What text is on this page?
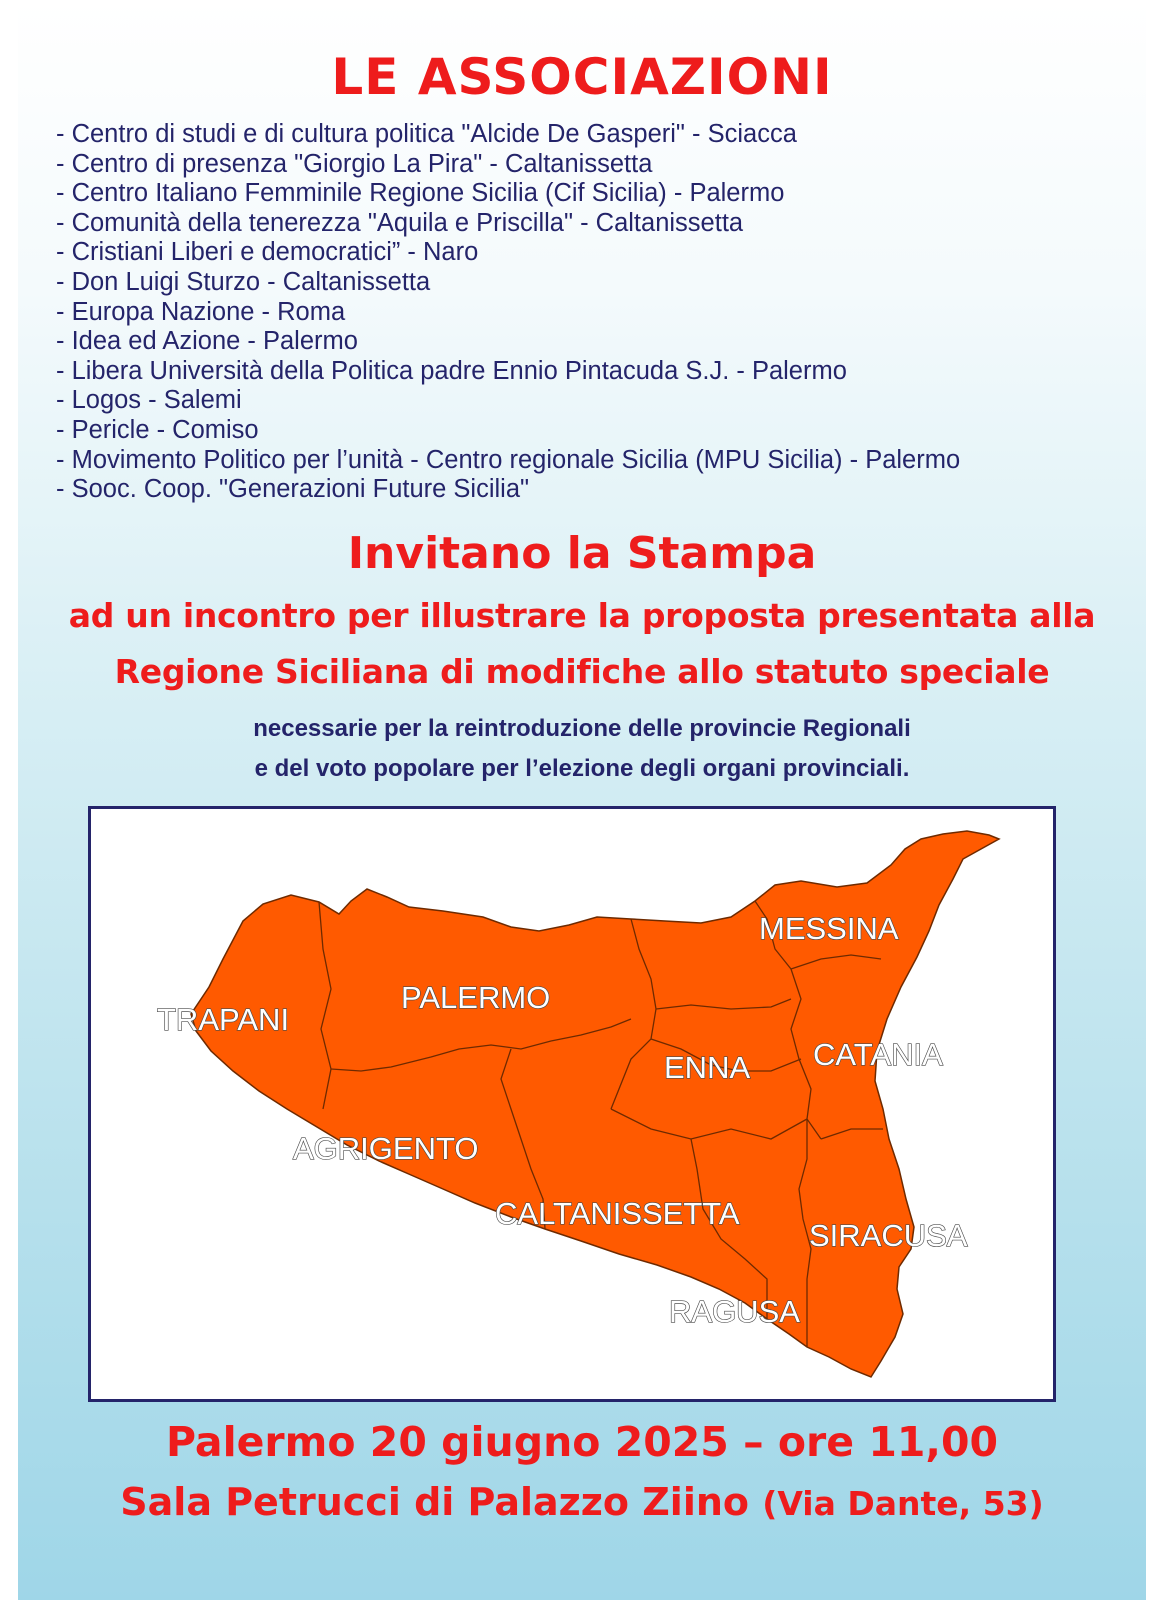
LE ASSOCIAZIONI
- Centro di studi e di cultura politica "Alcide De Gasperi" - Sciacca
- Centro di presenza "Giorgio La Pira" - Caltanissetta
- Centro Italiano Femminile Regione Sicilia (Cif Sicilia) - Palermo
- Comunità della tenerezza "Aquila e Priscilla" - Caltanissetta
- Cristiani Liberi e democratici” - Naro
- Don Luigi Sturzo - Caltanissetta
- Europa Nazione - Roma
- Idea ed Azione - Palermo
- Libera Università della Politica padre Ennio Pintacuda S.J. - Palermo
- Logos - Salemi
- Pericle - Comiso
- Movimento Politico per l’unità - Centro regionale Sicilia (MPU Sicilia) - Palermo
- Sooc. Coop. "Generazioni Future Sicilia"
Invitano la Stampa
ad un incontro per illustrare la proposta presentata alla
Regione Siciliana di modifiche allo statuto speciale
necessarie per la reintroduzione delle provincie Regionali
e del voto popolare per l’elezione degli organi provinciali.
MESSINA
TRAPANI
PALERMO
ENNA CATANIA
AGRIGENTO
CALTANISSETTA
SIRACUSA
RAGUSA
Palermo 20 giugno 2025 – ore 11,00
Sala Petrucci di Palazzo Ziino (Via Dante, 53)
